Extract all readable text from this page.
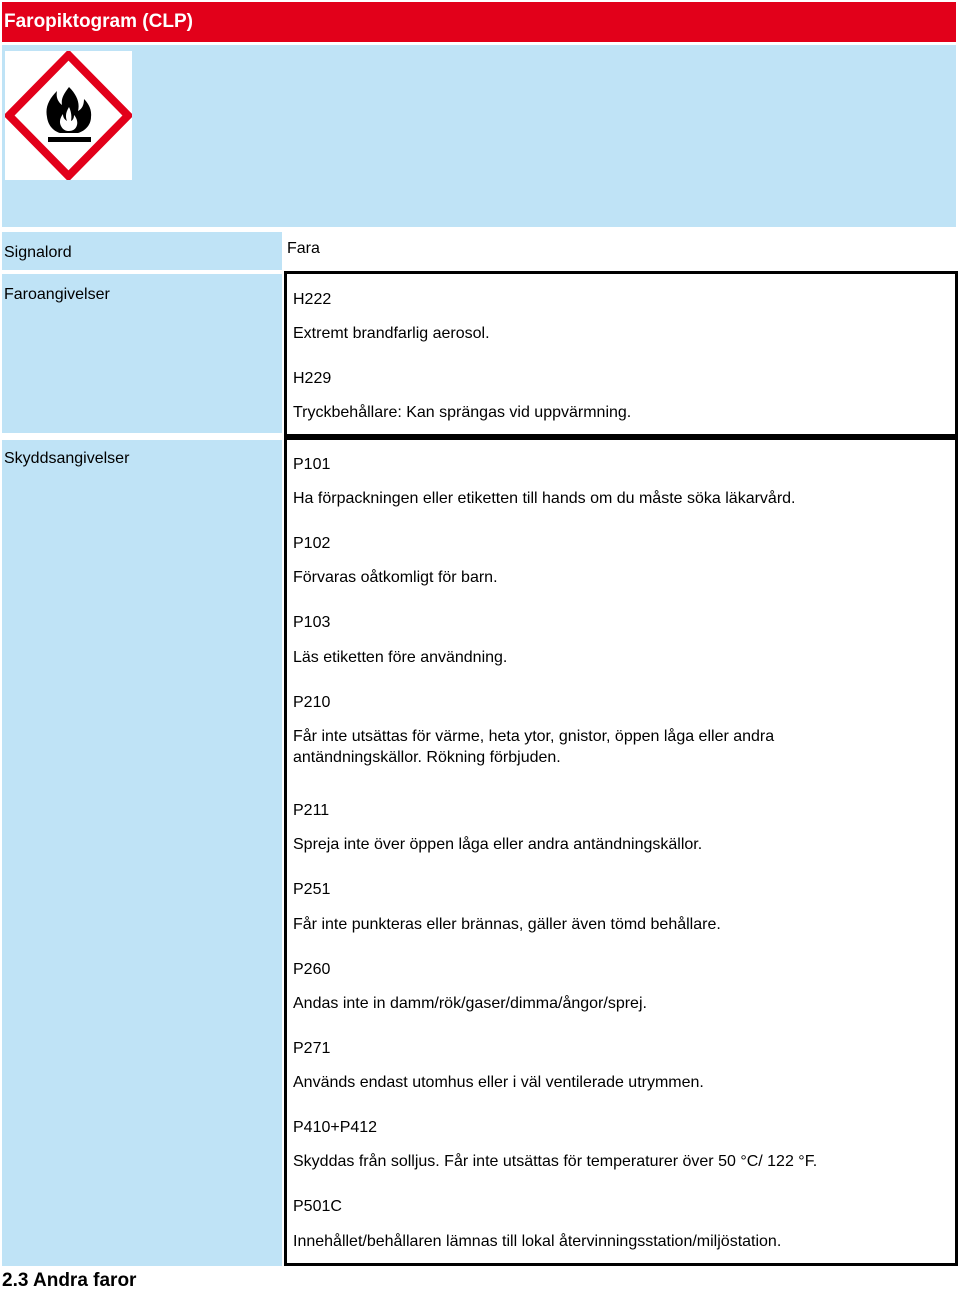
Faropiktogram (CLP)
Signalord	Fara
Faroangivelser	H222
Extremt brandfarlig aerosol.
H229
Tryckbehållare: Kan sprängas vid uppvärmning.
Skyddsangivelser	P101
Ha förpackningen eller etiketten till hands om du måste söka läkarvård.
P102
Förvaras oåtkomligt för barn.
P103
Läs etiketten före användning.
P210
Får inte utsättas för värme, heta ytor, gnistor, öppen låga eller andra antändningskällor. Rökning förbjuden.
P211
Spreja inte över öppen låga eller andra antändningskällor.
P251
Får inte punkteras eller brännas, gäller även tömd behållare.
P260
Andas inte in damm/rök/gaser/dimma/ångor/sprej.
P271
Används endast utomhus eller i väl ventilerade utrymmen.
P410+P412
Skyddas från solljus. Får inte utsättas för temperaturer över 50 °C/ 122 °F.
P501C
Innehållet/behållaren lämnas till lokal återvinningsstation/miljöstation.
2.3 Andra faror
